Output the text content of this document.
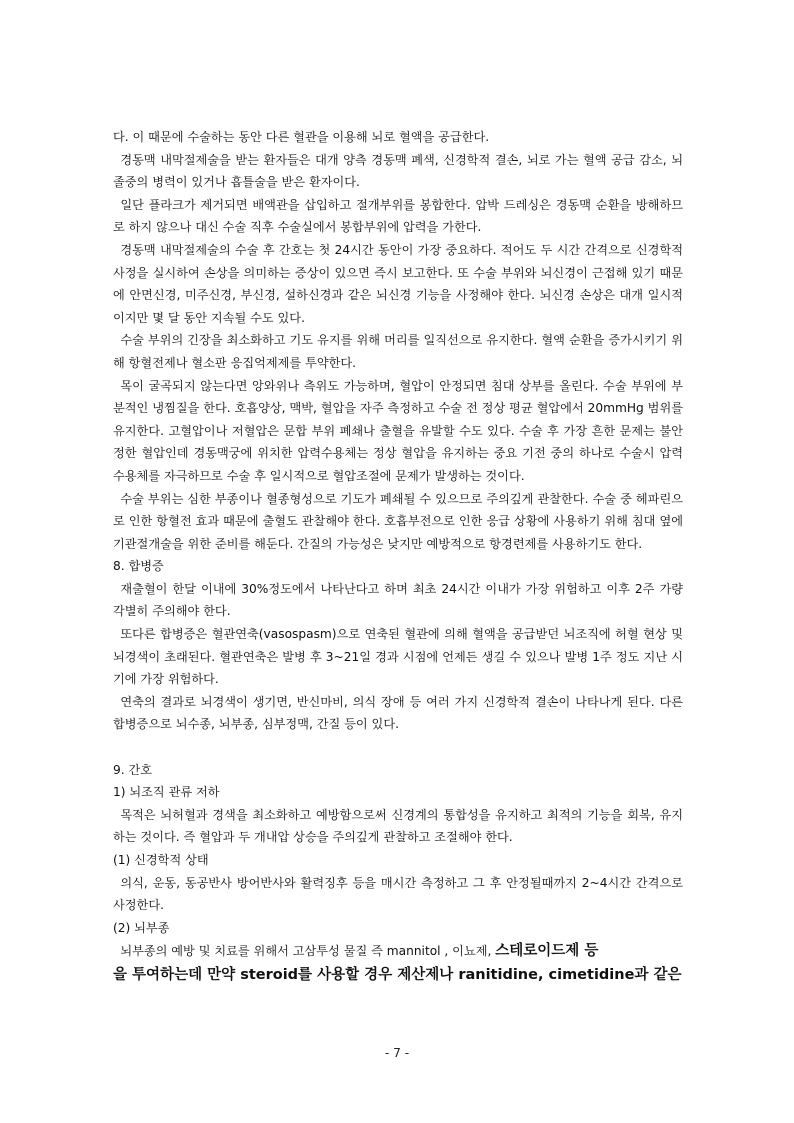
다. 이 때문에 수술하는 동안 다른 혈관을 이용해 뇌로 혈액을 공급한다.

경동맥 내막절제술을 받는 환자들은 대개 양측 경동맥 폐색, 신경학적 결손, 뇌로 가는 혈액 공급 감소, 뇌졸중의 병력이 있거나 흡틀술을 받은 환자이다.

일단 플라크가 제거되면 배액관을 삽입하고 절개부위를 봉합한다. 압박 드레싱은 경동맥 순환을 방해하므로 하지 않으나 대신 수술 직후 수술실에서 봉합부위에 압력을 가한다.

경동맥 내막절제술의 수술 후 간호는 첫 24시간 동안이 가장 중요하다. 적어도 두 시간 간격으로 신경학적 사정을 실시하여 손상을 의미하는 증상이 있으면 즉시 보고한다. 또 수술 부위와 뇌신경이 근접해 있기 때문에 안면신경, 미주신경, 부신경, 설하신경과 같은 뇌신경 기능을 사정해야 한다. 뇌신경 손상은 대개 일시적이지만 몇 달 동안 지속될 수도 있다.

수술 부위의 긴장을 최소화하고 기도 유지를 위해 머리를 일직선으로 유지한다. 혈액 순환을 증가시키기 위해 항혈전제나 혈소판 응집억제제를 투약한다.

목이 굴곡되지 않는다면 앙와위나 측위도 가능하며, 혈압이 안정되면 침대 상부를 올린다. 수술 부위에 부분적인 냉찜질을 한다. 호흡양상, 맥박, 혈압을 자주 측정하고 수술 전 정상 평균 혈압에서 20mmHg 범위를 유지한다. 고혈압이나 저혈압은 문합 부위 폐쇄나 출혈을 유발할 수도 있다. 수술 후 가장 흔한 문제는 불안정한 혈압인데 경동맥궁에 위치한 압력수용체는 정상 혈압을 유지하는 중요 기전 중의 하나로 수술시 압력 수용체를 자극하므로 수술 후 일시적으로 혈압조절에 문제가 발생하는 것이다.

수술 부위는 심한 부종이나 혈종형성으로 기도가 폐쇄될 수 있으므로 주의깊게 관찰한다. 수술 중 헤파린으로 인한 항혈전 효과 때문에 출혈도 관찰해야 한다. 호흡부전으로 인한 응급 상황에 사용하기 위해 침대 옆에 기관절개술을 위한 준비를 해둔다. 간질의 가능성은 낮지만 예방적으로 항경련제를 사용하기도 한다.

8. 합병증

재출혈이 한달 이내에 30%정도에서 나타난다고 하며 최초 24시간 이내가 가장 위험하고 이후 2주 가량 각별히 주의해야 한다.

또다른 합병증은 혈관연축(vasospasm)으로 연축된 혈관에 의해 혈액을 공급받던 뇌조직에 허혈 현상 및 뇌경색이 초래된다. 혈관연축은 발병 후 3~21일 경과 시점에 언제든 생길 수 있으나 발병 1주 정도 지난 시기에 가장 위험하다.

연축의 결과로 뇌경색이 생기면, 반신마비, 의식 장애 등 여러 가지 신경학적 결손이 나타나게 된다. 다른 합병증으로 뇌수종, 뇌부종, 심부정맥, 간질 등이 있다.

9. 간호

1) 뇌조직 관류 저하

목적은 뇌허혈과 경색을 최소화하고 예방함으로써 신경계의 통합성을 유지하고 최적의 기능을 회복, 유지하는 것이다. 즉 혈압과 두 개내압 상승을 주의깊게 관찰하고 조절해야 한다.

(1) 신경학적 상태

의식, 운동, 동공반사 방어반사와 활력징후 등을 매시간 측정하고 그 후 안정될때까지 2~4시간 간격으로 사정한다.

(2) 뇌부종

뇌부종의 예방 및 치료를 위해서 고삼투성 물질 즉 mannitol , 이뇨제, 스테로이드제 등

을 투여하는데 만약 steroid를 사용할 경우 제산제나 ranitidine, cimetidine과 같은

- 7 -
